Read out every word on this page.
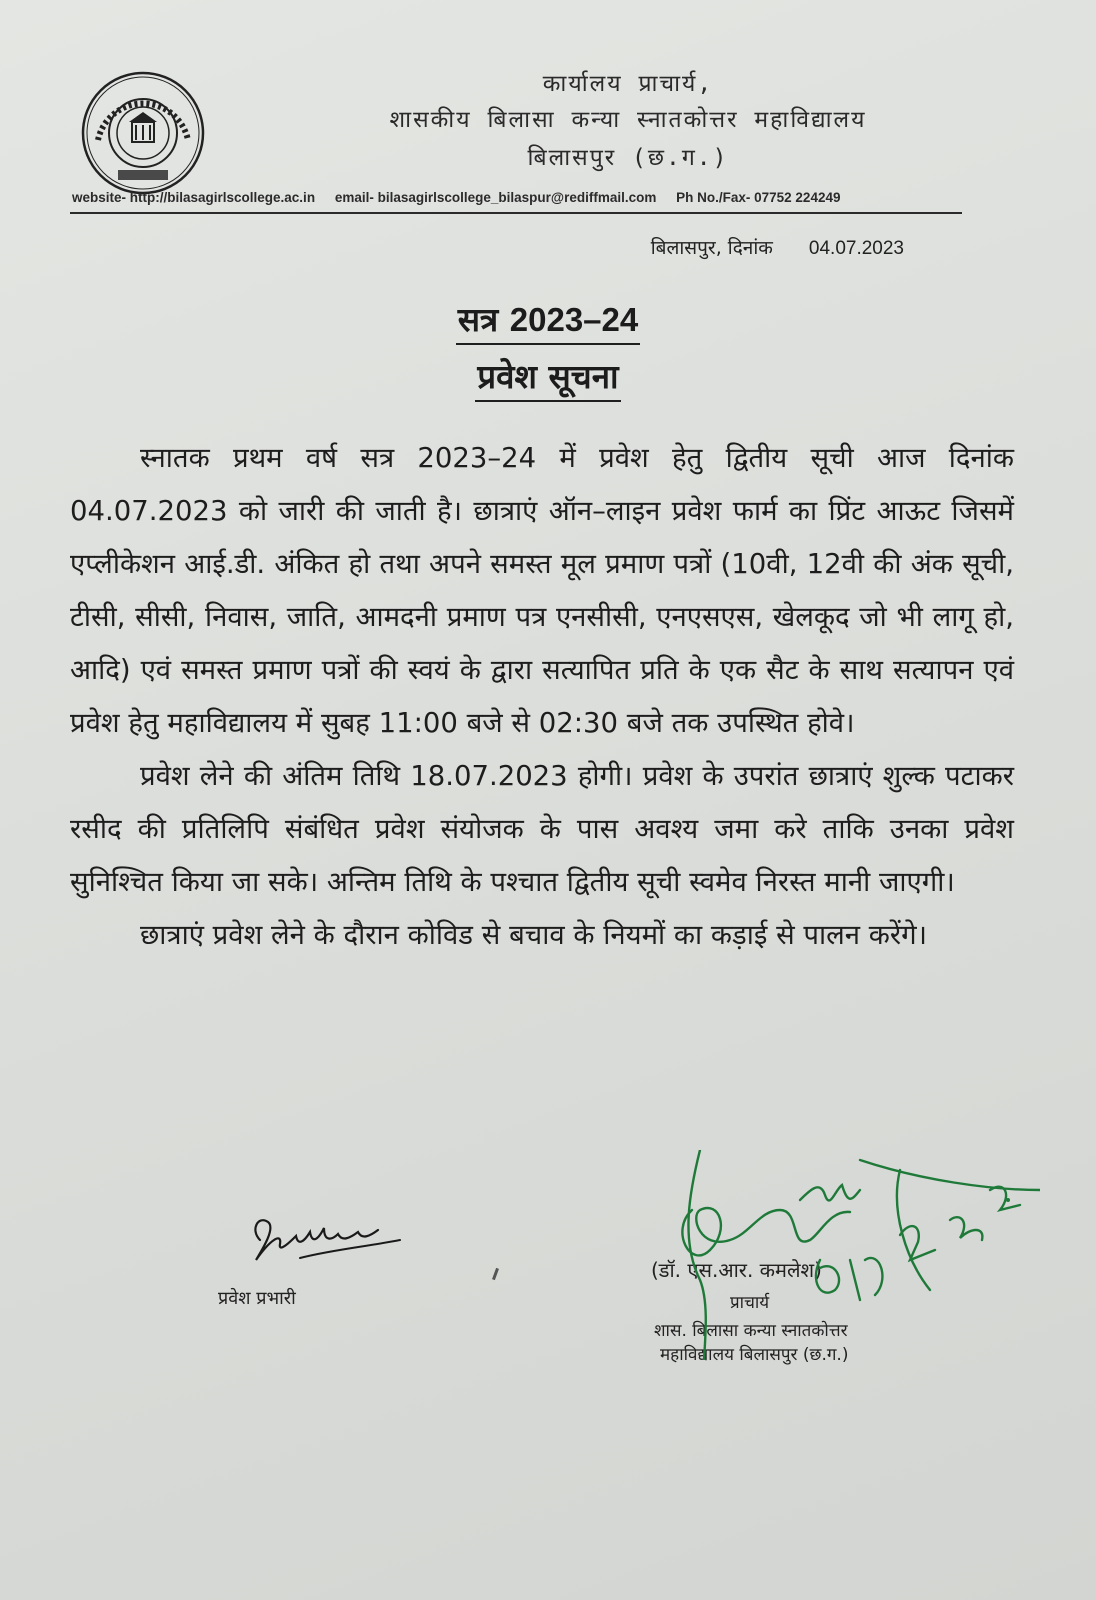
कार्यालय प्राचार्य,
शासकीय बिलासा कन्या स्नातकोत्तर महाविद्यालय
बिलासपुर (छ.ग.)
website- http://bilasagirlscollege.ac.in email- bilasagirlscollege_bilaspur@rediffmail.com Ph No./Fax- 07752 224249
बिलासपुर, दिनांक 04.07.2023
सत्र 2023–24
प्रवेश सूचना

स्नातक प्रथम वर्ष सत्र 2023–24 में प्रवेश हेतु द्वितीय सूची आज दिनांक 04.07.2023 को जारी की जाती है। छात्राएं ऑन–लाइन प्रवेश फार्म का प्रिंट आऊट जिसमें एप्लीकेशन आई.डी. अंकित हो तथा अपने समस्त मूल प्रमाण पत्रों (10वी, 12वी की अंक सूची, टीसी, सीसी, निवास, जाति, आमदनी प्रमाण पत्र एनसीसी, एनएसएस, खेलकूद जो भी लागू हो, आदि) एवं समस्त प्रमाण पत्रों की स्वयं के द्वारा सत्यापित प्रति के एक सैट के साथ सत्यापन एवं प्रवेश हेतु महाविद्यालय में सुबह 11:00 बजे से 02:30 बजे तक उपस्थित होवे।

प्रवेश लेने की अंतिम तिथि 18.07.2023 होगी। प्रवेश के उपरांत छात्राएं शुल्क पटाकर रसीद की प्रतिलिपि संबंधित प्रवेश संयोजक के पास अवश्य जमा करे ताकि उनका प्रवेश सुनिश्चित किया जा सके। अन्तिम तिथि के पश्चात द्वितीय सूची स्वमेव निरस्त मानी जाएगी।

छात्राएं प्रवेश लेने के दौरान कोविड से बचाव के नियमों का कड़ाई से पालन करेंगे।

प्रवेश प्रभारी
(डॉ. एस.आर. कमलेश)
प्राचार्य
शास. बिलासा कन्या स्नातकोत्तर
महाविद्यालय बिलासपुर (छ.ग.)
